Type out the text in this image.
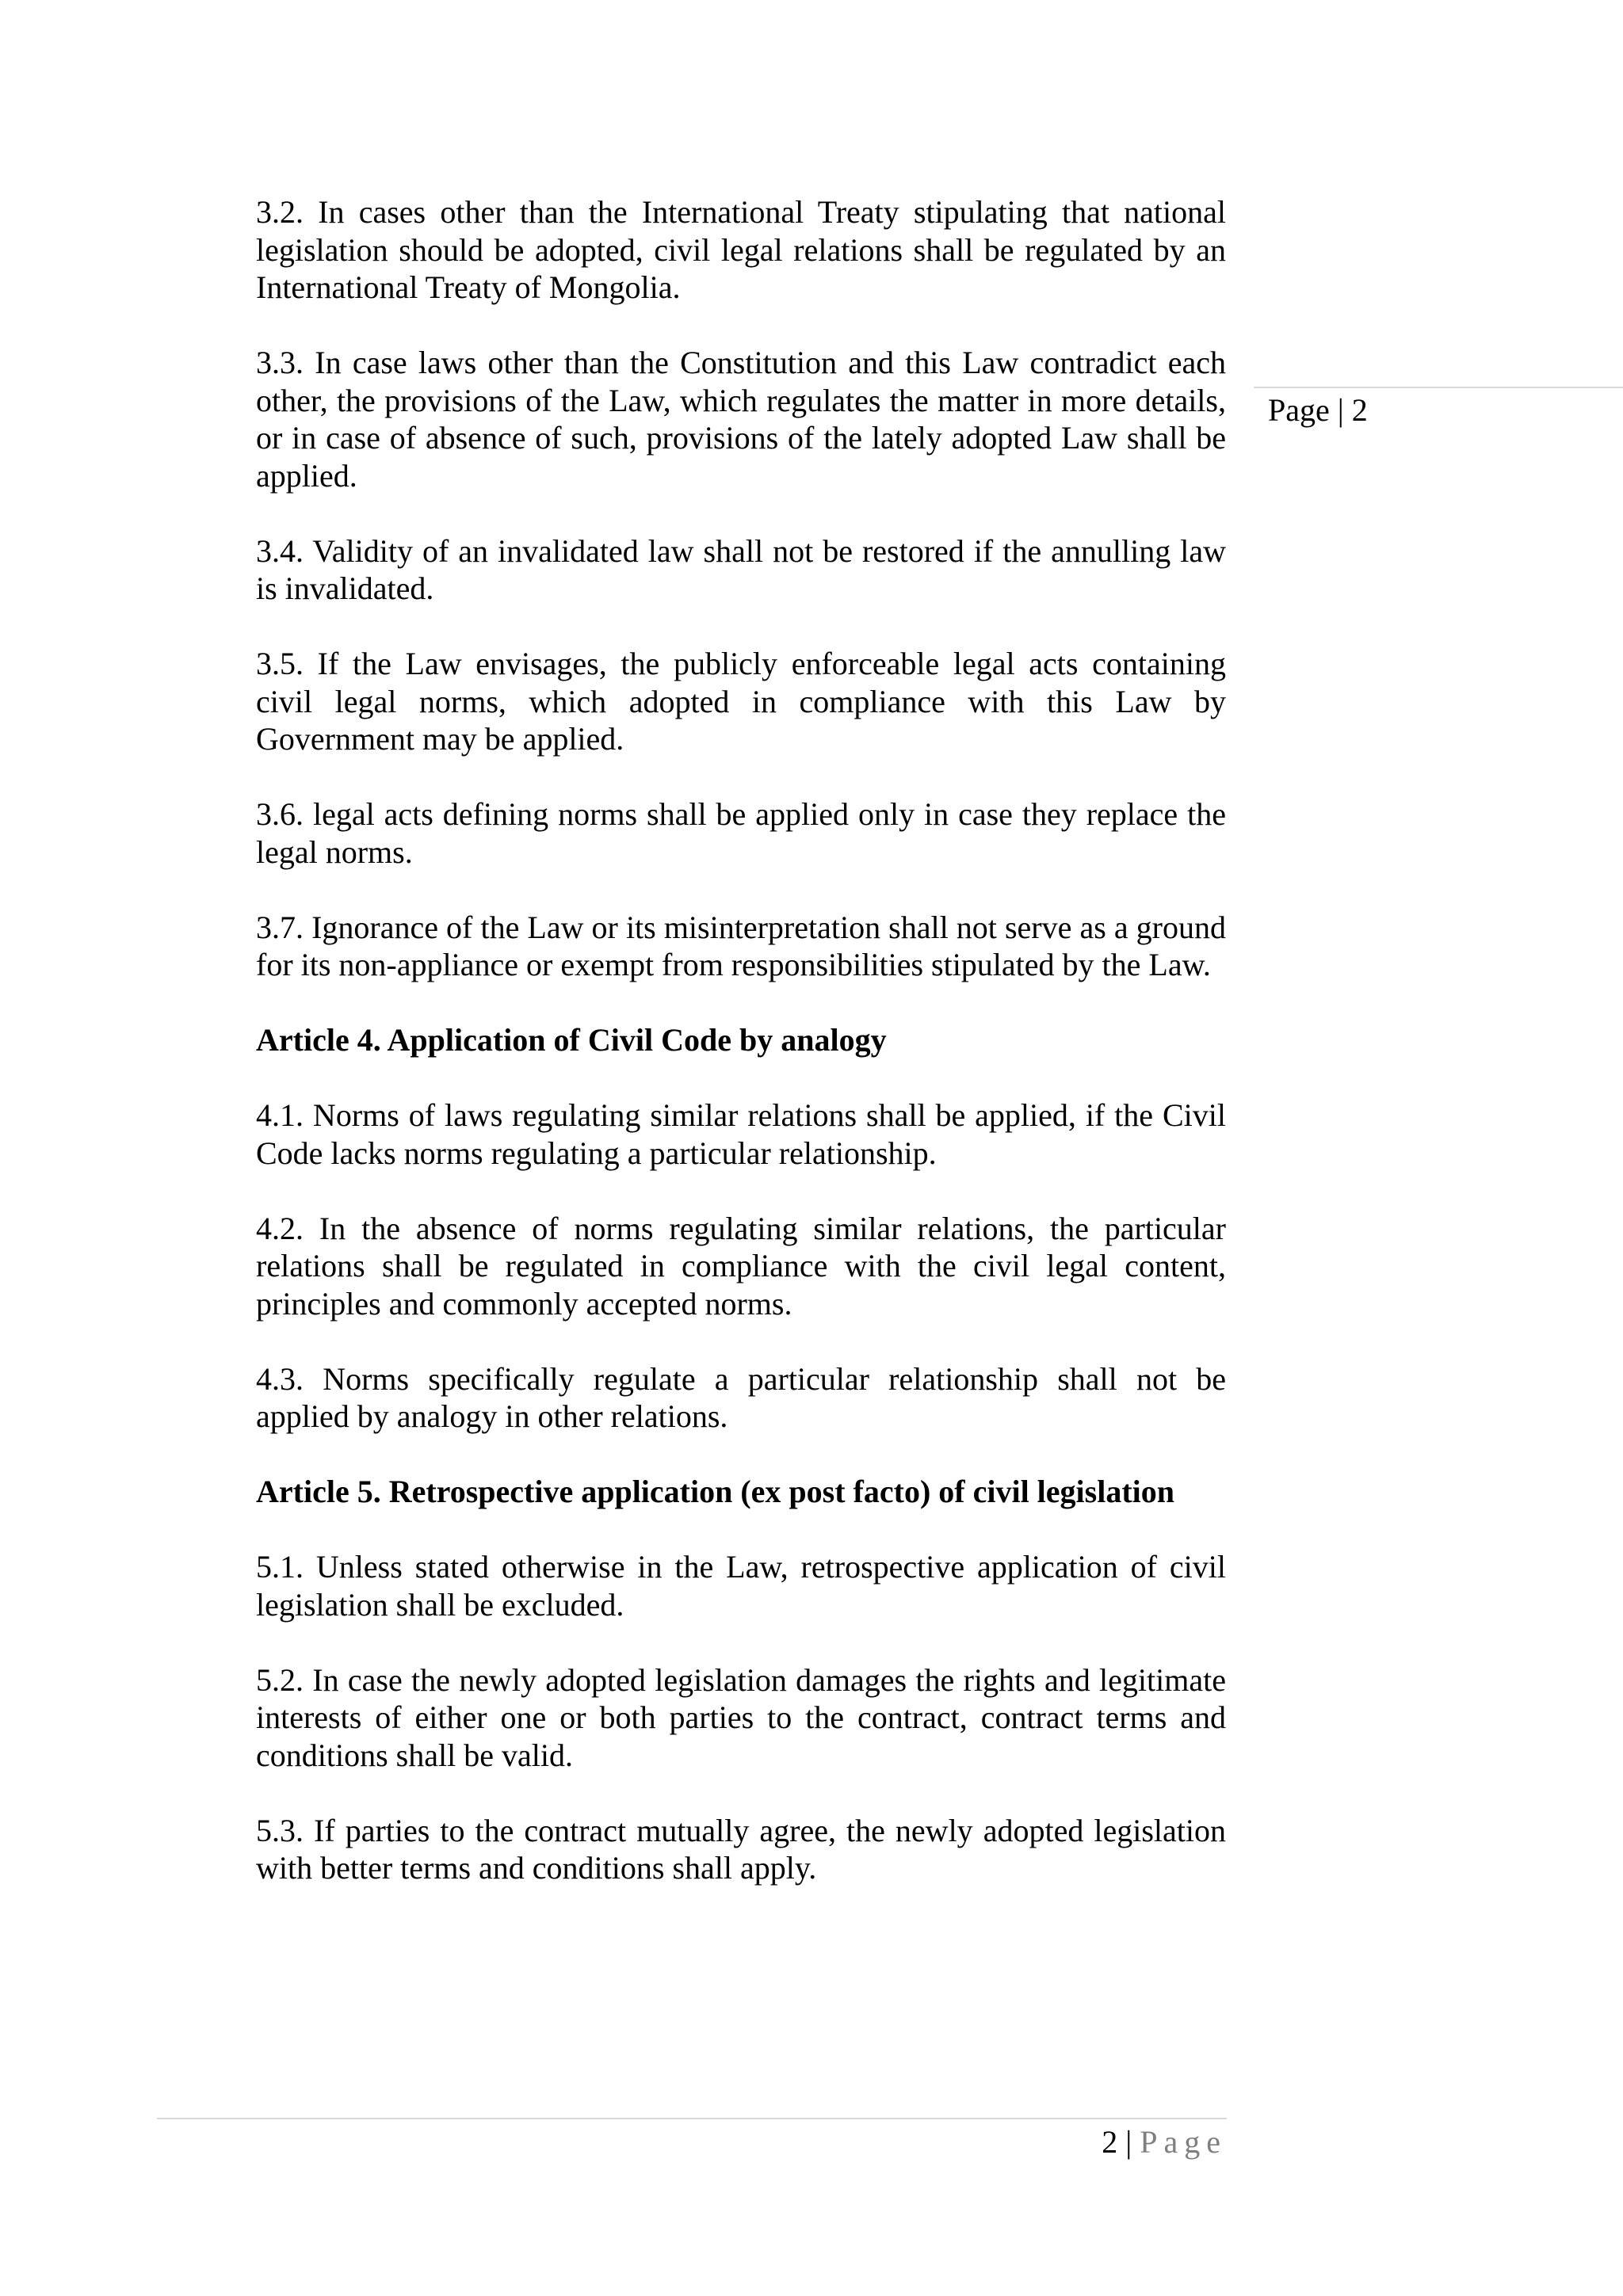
3.2. In cases other than the International Treaty stipulating that national legislation should be adopted, civil legal relations shall be regulated by an International Treaty of Mongolia.

3.3. In case laws other than the Constitution and this Law contradict each other, the provisions of the Law, which regulates the matter in more details, or in case of absence of such, provisions of the lately adopted Law shall be applied.

3.4. Validity of an invalidated law shall not be restored if the annulling law is invalidated.

3.5. If the Law envisages, the publicly enforceable legal acts containing civil legal norms, which adopted in compliance with this Law by Government may be applied.

3.6. legal acts defining norms shall be applied only in case they replace the legal norms.

3.7. Ignorance of the Law or its misinterpretation shall not serve as a ground for its non-appliance or exempt from responsibilities stipulated by the Law.

Article 4. Application of Civil Code by analogy

4.1. Norms of laws regulating similar relations shall be applied, if the Civil Code lacks norms regulating a particular relationship.

4.2. In the absence of norms regulating similar relations, the particular relations shall be regulated in compliance with the civil legal content, principles and commonly accepted norms.

4.3. Norms specifically regulate a particular relationship shall not be applied by analogy in other relations.

Article 5. Retrospective application (ex post facto) of civil legislation

5.1. Unless stated otherwise in the Law, retrospective application of civil legislation shall be excluded.

5.2. In case the newly adopted legislation damages the rights and legitimate interests of either one or both parties to the contract, contract terms and conditions shall be valid.

5.3. If parties to the contract mutually agree, the newly adopted legislation with better terms and conditions shall apply.

Page | 2
2 | Page
